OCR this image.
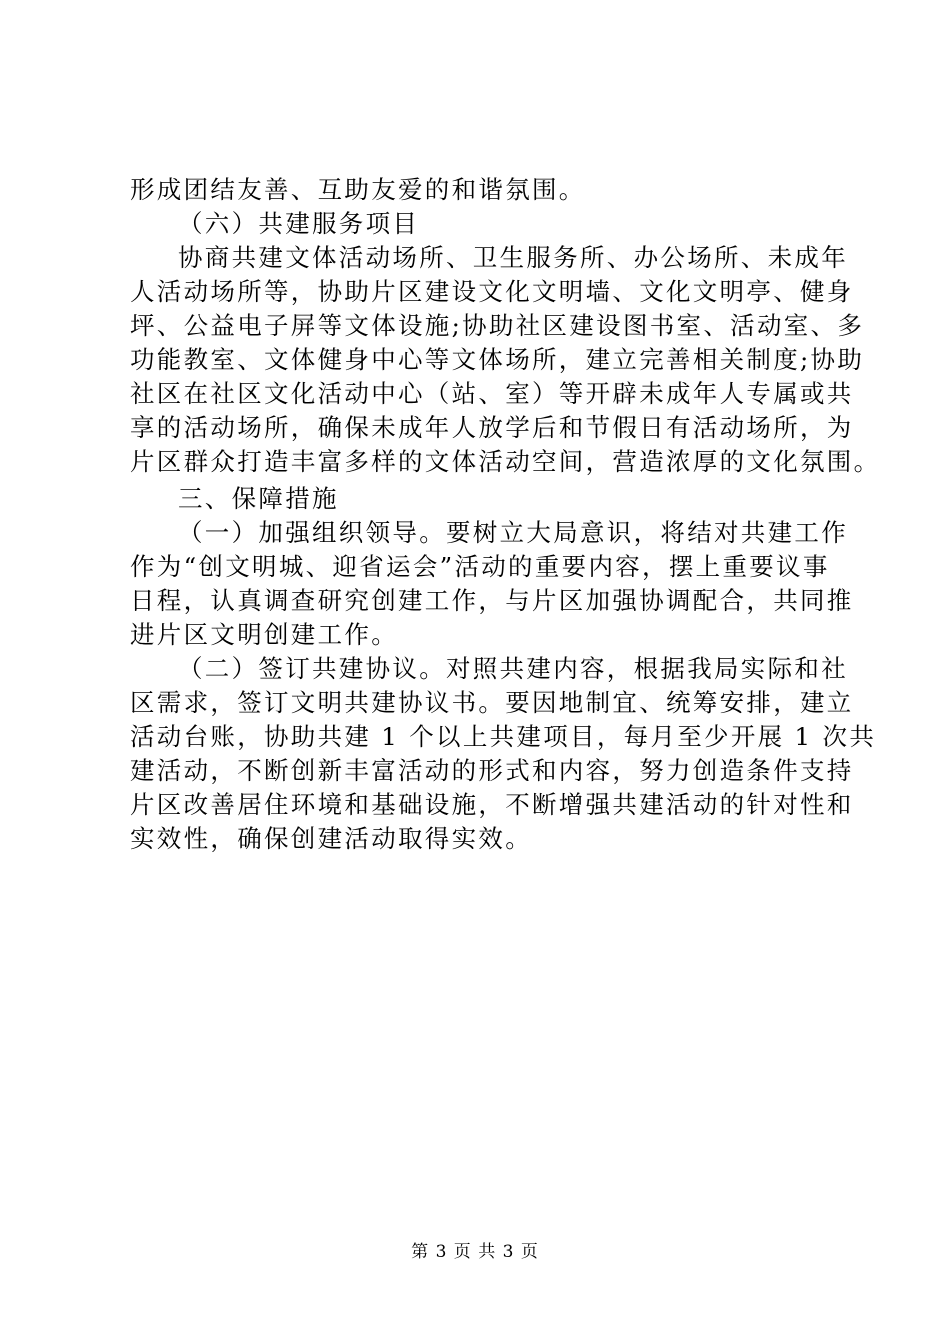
形成团结友善、互助友爱的和谐氛围。
（六）共建服务项目
协商共建文体活动场所、卫生服务所、办公场所、未成年
人活动场所等，协助片区建设文化文明墙、文化文明亭、健身
坪、公益电子屏等文体设施;协助社区建设图书室、活动室、多
功能教室、文体健身中心等文体场所，建立完善相关制度;协助
社区在社区文化活动中心（站、室）等开辟未成年人专属或共
享的活动场所，确保未成年人放学后和节假日有活动场所，为
片区群众打造丰富多样的文体活动空间，营造浓厚的文化氛围。
三、保障措施
（一）加强组织领导。要树立大局意识，将结对共建工作
作为“创文明城、迎省运会”活动的重要内容，摆上重要议事
日程，认真调查研究创建工作，与片区加强协调配合，共同推
进片区文明创建工作。
（二）签订共建协议。对照共建内容，根据我局实际和社
区需求，签订文明共建协议书。要因地制宜、统筹安排，建立
活动台账，协助共建 1 个以上共建项目，每月至少开展 1 次共
建活动，不断创新丰富活动的形式和内容，努力创造条件支持
片区改善居住环境和基础设施，不断增强共建活动的针对性和
实效性，确保创建活动取得实效。
第 3 页 共 3 页
